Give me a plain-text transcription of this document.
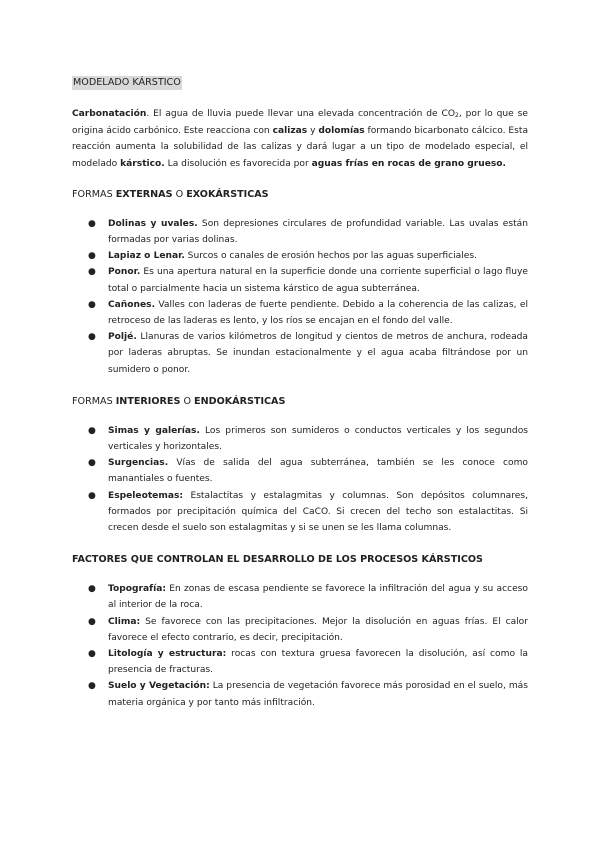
MODELADO KÁRSTICO

Carbonatación. El agua de lluvia puede llevar una elevada concentración de $CO_2$, por lo que se origina ácido carbónico. Este reacciona con calizas y dolomías formando bicarbonato cálcico. Esta reacción aumenta la solubilidad de las calizas y dará lugar a un tipo de modelado especial, el modelado kárstico. La disolución es favorecida por aguas frías en rocas de grano grueso.

FORMAS EXTERNAS O EXOKÁRSTICAS
● Dolinas y uvales. Son depresiones circulares de profundidad variable. Las uvalas están formadas por varias dolinas.
● Lapiaz o Lenar. Surcos o canales de erosión hechos por las aguas superficiales.
● Ponor. Es una apertura natural en la superficie donde una corriente superficial o lago fluye total o parcialmente hacia un sistema kárstico de agua subterránea.
● Cañones. Valles con laderas de fuerte pendiente. Debido a la coherencia de las calizas, el retroceso de las laderas es lento, y los ríos se encajan en el fondo del valle.
● Poljé. Llanuras de varios kilómetros de longitud y cientos de metros de anchura, rodeada por laderas abruptas. Se inundan estacionalmente y el agua acaba filtrándose por un sumidero o ponor.
FORMAS INTERIORES O ENDOKÁRSTICAS
● Simas y galerías. Los primeros son sumideros o conductos verticales y los segundos verticales y horizontales.
● Surgencias. Vías de salida del agua subterránea, también se les conoce como manantiales o fuentes.
● Espeleotemas: Estalactitas y estalagmitas y columnas. Son depósitos columnares, formados por precipitación química del CaCO. Si crecen del techo son estalactitas. Si crecen desde el suelo son estalagmitas y si se unen se les llama columnas.
FACTORES QUE CONTROLAN EL DESARROLLO DE LOS PROCESOS KÁRSTICOS
● Topografía: En zonas de escasa pendiente se favorece la infiltración del agua y su acceso al interior de la roca.
● Clima: Se favorece con las precipitaciones. Mejor la disolución en aguas frías. El calor favorece el efecto contrario, es decir, precipitación.
● Litología y estructura: rocas con textura gruesa favorecen la disolución, así como la presencia de fracturas.
● Suelo y Vegetación: La presencia de vegetación favorece más porosidad en el suelo, más materia orgánica y por tanto más infiltración.
